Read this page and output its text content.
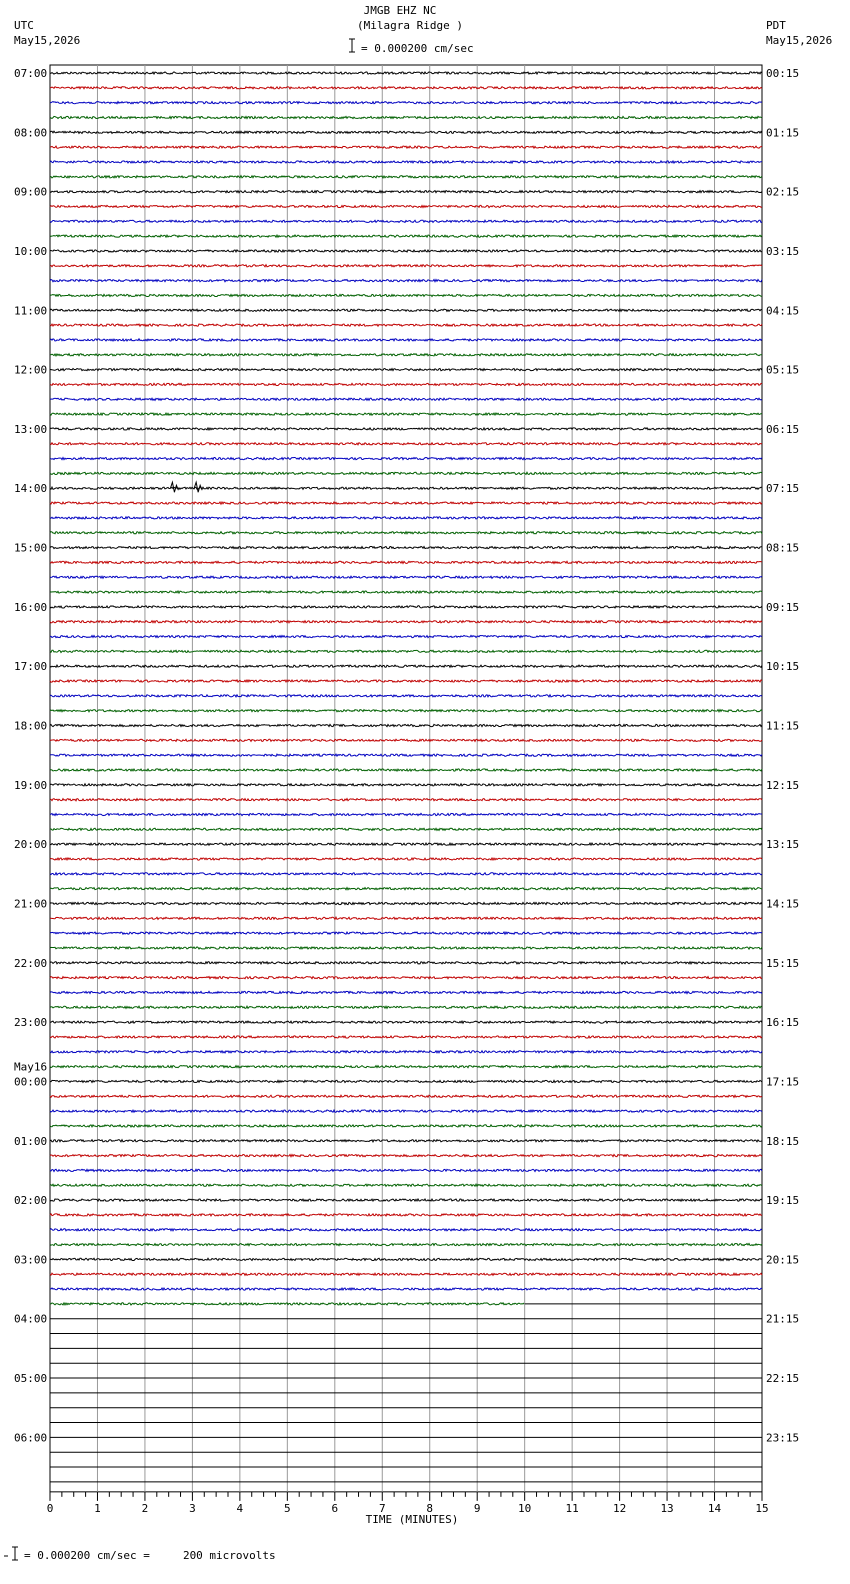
JMGB EHZ NC
(Milagra Ridge )
UTC
May15,2026
PDT
May15,2026
= 0.000200 cm/sec
07:00	00:15
08:00	01:15
09:00	02:15
10:00	03:15
11:00	04:15
12:00	05:15
13:00	06:15
14:00	07:15
15:00	08:15
16:00	09:15
17:00	10:15
18:00	11:15
19:00	12:15
20:00	13:15
21:00	14:15
22:00	15:15
23:00	16:15
May16
00:00	17:15
01:00	18:15
02:00	19:15
03:00	20:15
04:00	21:15
05:00	22:15
06:00	23:15
0	1	2	3	4	5	6	7	8	9	10	11	12	13	14	15
TIME (MINUTES)
= 0.000200 cm/sec =     200 microvolts
